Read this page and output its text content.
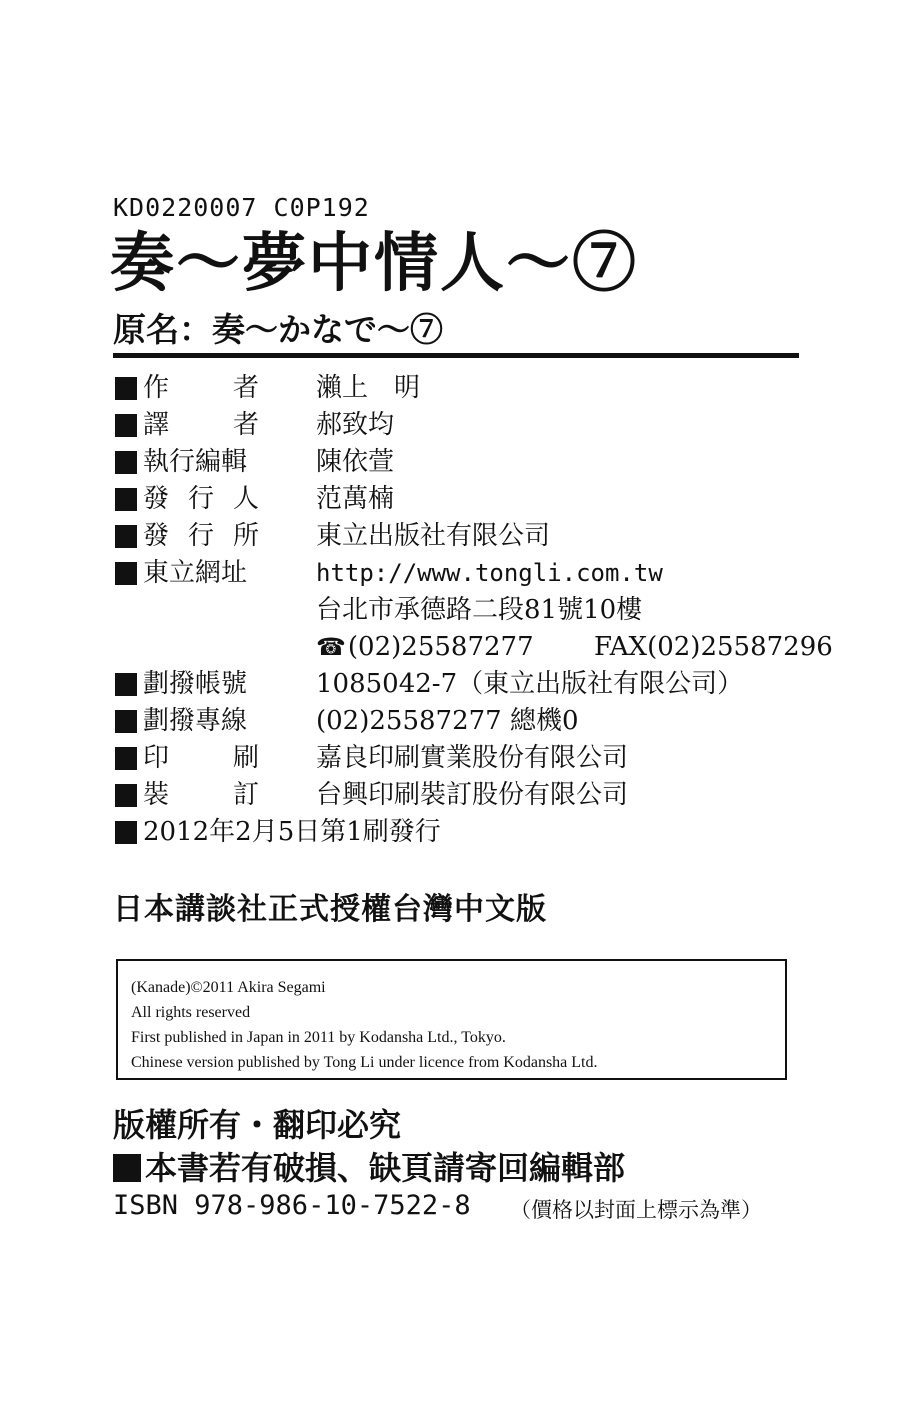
KD0220007 C0P192
奏～夢中情人～⑦
原名：奏～かなで～⑦
作 者 瀨上　明
譯 者 郝致均
執行編輯	陳依萱
發 行 人 范萬楠
發 行 所 東立出版社有限公司
東立網址	http://www.tongli.com.tw
台北市承德路二段81號10樓
☎(02)25587277 FAX(02)25587296
劃撥帳號	1085042-7（東立出版社有限公司）
劃撥專線	(02)25587277 總機0
印 刷 嘉良印刷實業股份有限公司
裝 訂 台興印刷裝訂股份有限公司
2012年2月5日第1刷發行
日本講談社正式授權台灣中文版
(Kanade)©2011 Akira Segami
All rights reserved
First published in Japan in 2011 by Kodansha Ltd., Tokyo.
Chinese version published by Tong Li under licence from Kodansha Ltd.
版權所有・翻印必究
本書若有破損、缺頁請寄回編輯部
ISBN 978-986-10-7522-8 （價格以封面上標示為準）
